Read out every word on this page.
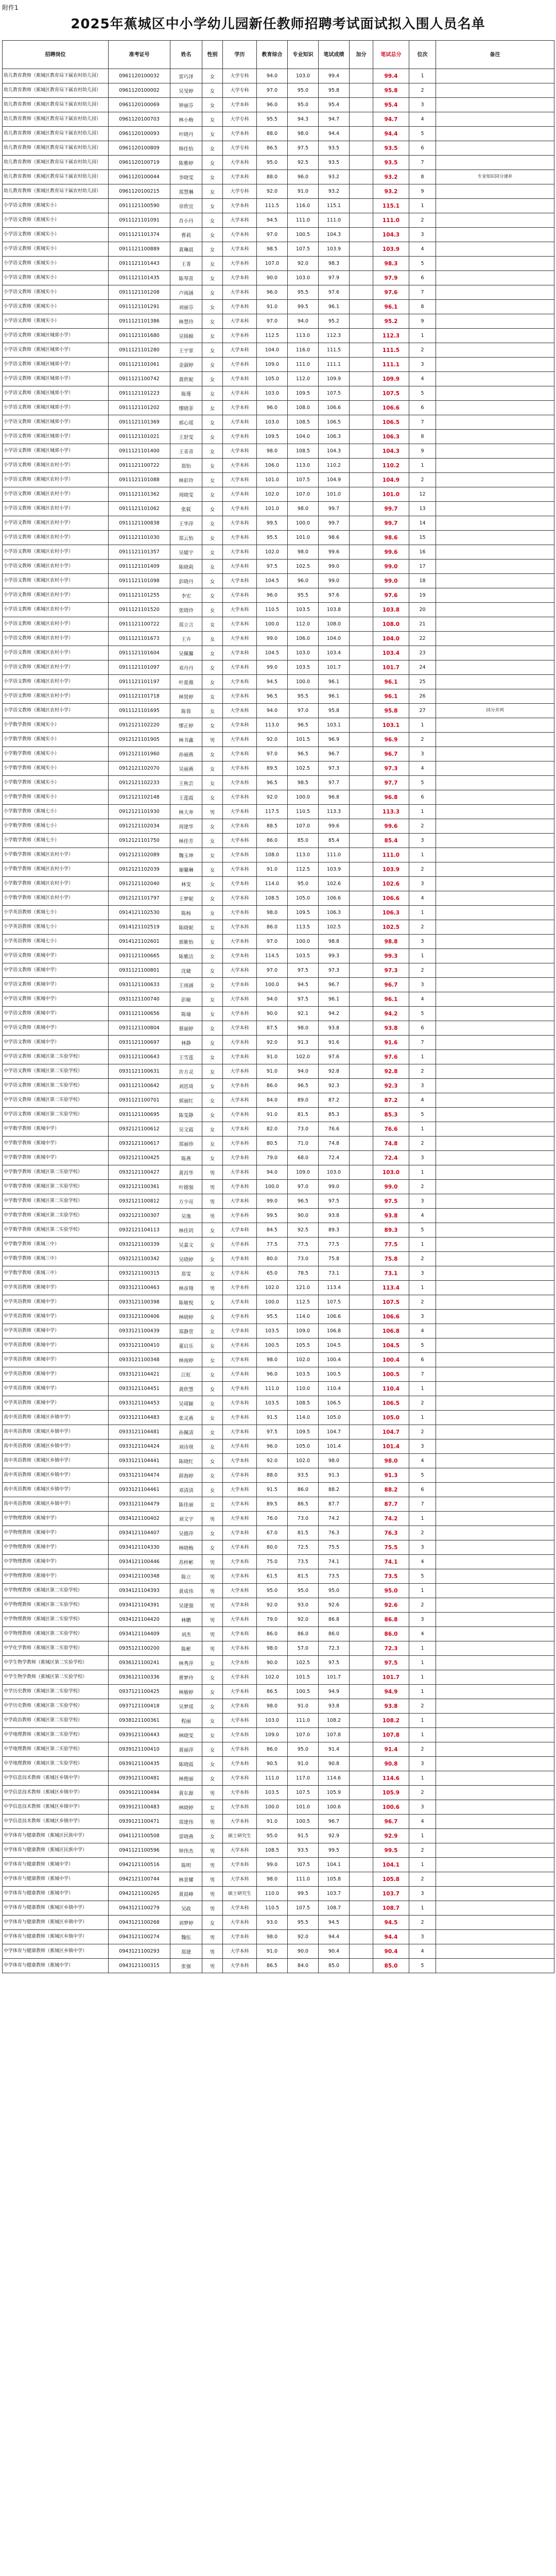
附件1
2025年蕉城区中小学幼儿园新任教师招聘考试面试拟入围人员名单
招聘岗位	准考证号	姓名	性别	学历	教育综合	专业知识	笔试成绩	加分	笔试总分	位次	备注
幼儿教育教师（蕉城区教育局下属农村幼儿园）	0961120100032	雷巧泽	女	大学专科	94.0	103.0	99.4		99.4	1	
幼儿教育教师（蕉城区教育局下属农村幼儿园）	0961120100002	吴旻婷	女	大学专科	97.0	95.0	95.8		95.8	2	
幼儿教育教师（蕉城区教育局下属农村幼儿园）	0961120100069	钟丽芬	女	大学本科	96.0	95.0	95.4		95.4	3	
幼儿教育教师（蕉城区教育局下属农村幼儿园）	0961120100703	林小梅	女	大学专科	95.5	94.3	94.7		94.7	4	
幼儿教育教师（蕉城区教育局下属农村幼儿园）	0961120100093	叶晓丹	女	大学本科	88.0	98.0	94.4		94.4	5	
幼儿教育教师（蕉城区教育局下属农村幼儿园）	0961120100809	韩佳怡	女	大学专科	86.5	97.5	93.5		93.5	6	
幼儿教育教师（蕉城区教育局下属农村幼儿园）	0961120100719	陈雅婷	女	大学本科	95.0	92.5	93.5		93.5	7	
幼儿教育教师（蕉城区教育局下属农村幼儿园）	0961120100044	李晓雯	女	大学本科	88.0	96.0	93.2		93.2	8	专业知识同分递补
幼儿教育教师（蕉城区教育局下属农村幼儿园）	0961120100215	郑慧琳	女	大学专科	92.0	91.0	93.2		93.2	9	
小学语文教师（蕉城实小）	0911121100590	章欣宜	女	大学本科	111.5	116.0	115.1		115.1	1	
小学语文教师（蕉城实小）	0911121101091	肖小丹	女	大学本科	94.5	111.0	111.0		111.0	2	
小学语文教师（蕉城实小）	0911121101374	曹莉	女	大学本科	97.0	100.5	104.3		104.3	3	
小学语文教师（蕉城实小）	0911121100889	黄琳晨	女	大学本科	98.5	107.5	103.9		103.9	4	
小学语文教师（蕉城实小）	0911121101443	王菁	女	大学本科	107.0	92.0	98.3		98.3	5	
小学语文教师（蕉城实小）	0911121101435	陈琴喜	女	大学本科	90.0	103.0	97.9		97.9	6	
小学语文教师（蕉城实小）	0911121101208	卢雨涵	女	大学本科	96.0	95.5	97.6		97.6	7	
小学语文教师（蕉城实小）	0911121101291	刘丽芬	女	大学本科	91.0	99.5	96.1		96.1	8	
小学语文教师（蕉城实小）	0911121101386	林慧玲	女	大学本科	97.0	94.0	95.2		95.2	9	
小学语文教师（蕉城区城郊小学）	0911121101680	吴锦棉	女	大学本科	112.5	113.0	112.3		112.3	1	
小学语文教师（蕉城区城郊小学）	0911121101280	王宇霏	女	大学本科	104.0	116.0	111.5		111.5	2	
小学语文教师（蕉城区城郊小学）	0911121101061	金淑婷	女	大学本科	109.0	111.0	111.1		111.1	3	
小学语文教师（蕉城区城郊小学）	0911121100742	黄欣妮	女	大学本科	105.0	112.0	109.9		109.9	4	
小学语文教师（蕉城区城郊小学）	0911121101223	陈瑾	女	大学本科	103.0	109.5	107.5		107.5	5	
小学语文教师（蕉城区城郊小学）	0911121101202	缪晓菲	女	大学本科	96.0	108.0	106.6		106.6	6	
小学语文教师（蕉城区城郊小学）	0911121101369	郭心瑶	女	大学本科	103.0	108.5	106.5		106.5	7	
小学语文教师（蕉城区城郊小学）	0911121101021	王舒雯	女	大学本科	109.5	104.0	106.3		106.3	8	
小学语文教师（蕉城区城郊小学）	0911121101400	王青青	女	大学本科	98.0	108.5	104.3		104.3	9	
小学语文教师（蕉城区农村小学）	0911121100722	郑怡	女	大学本科	106.0	113.0	110.2		110.2	1	
小学语文教师（蕉城区农村小学）	0911121101088	林彩玲	女	大学本科	101.0	107.5	104.9		104.9	2	
小学语文教师（蕉城区农村小学）	0911121101362	周晓雯	女	大学本科	102.0	107.0	101.0		101.0	12	
小学语文教师（蕉城区农村小学）	0911121101062	张筱	女	大学本科	101.0	98.0	99.7		99.7	13	
小学语文教师（蕉城区农村小学）	0911121100838	王华萍	女	大学本科	99.5	100.0	99.7		99.7	14	
小学语文教师（蕉城区农村小学）	0911121101030	郑云怡	女	大学本科	95.5	101.0	98.6		98.6	15	
小学语文教师（蕉城区农村小学）	0911121101357	吴媛宇	女	大学本科	102.0	98.0	99.6		99.6	16	
小学语文教师（蕉城区农村小学）	0911121101409	陈晓莉	女	大学本科	97.5	102.5	99.0		99.0	17	
小学语文教师（蕉城区农村小学）	0911121101098	彭晓丹	女	大学本科	104.5	96.0	99.0		99.0	18	
小学语文教师（蕉城区农村小学）	0911121101255	李宏	女	大学本科	96.0	95.5	97.6		97.6	19	
小学语文教师（蕉城区农村小学）	0911121101520	张晓玲	女	大学本科	110.5	103.5	103.8		103.8	20	
小学语文教师（蕉城区农村小学）	0911121100722	郑立言	女	大学本科	100.0	112.0	108.0		108.0	21	
小学语文教师（蕉城区农村小学）	0911121101673	王卉	女	大学本科	99.0	106.0	104.0		104.0	22	
小学语文教师（蕉城区农村小学）	0911121101604	吴佩馨	女	大学本科	104.5	103.0	103.4		103.4	23	
小学语文教师（蕉城区农村小学）	0911121101097	邓丹丹	女	大学本科	99.0	103.5	101.7		101.7	24	
小学语文教师（蕉城区农村小学）	0911121101197	叶夏薇	女	大学本科	94.5	100.0	96.1		96.1	25	
小学语文教师（蕉城区农村小学）	0911121101718	林贤婷	女	大学本科	96.5	95.5	96.1		96.1	26	
小学语文教师（蕉城区农村小学）	0911121101695	陈蓉	女	大学本科	94.0	97.0	95.8		95.8	27	同分并列
小学数学教师（蕉城实小）	0912121102220	缪正婷	女	大学本科	113.0	96.5	103.1		103.1	1	
小学数学教师（蕉城实小）	0912121101905	林书鑫	男	大学本科	92.0	101.5	96.9		96.9	2	
小学数学教师（蕉城实小）	0912121101960	孙丽燕	女	大学本科	97.0	96.5	96.7		96.7	3	
小学数学教师（蕉城实小）	0912121102070	吴丽燕	女	大学本科	89.5	102.5	97.3		97.3	4	
小学数学教师（蕉城实小）	0912121102233	王秋芸	女	大学本科	96.5	98.5	97.7		97.7	5	
小学数学教师（蕉城实小）	0912121102148	王莲霞	女	大学本科	92.0	100.0	96.8		96.8	6	
小学数学教师（蕉城七小）	0912121101930	林大奔	男	大学本科	117.5	110.5	113.3		113.3	1	
小学数学教师（蕉城七小）	0912121102034	周建华	女	大学本科	88.5	107.0	99.6		99.6	2	
小学数学教师（蕉城七小）	0912121101750	林佳芳	女	大学本科	86.0	85.0	85.4		85.4	3	
小学数学教师（蕉城区农村小学）	0912121102089	魏玉坤	女	大学本科	108.0	113.0	111.0		111.0	1	
小学数学教师（蕉城区农村小学）	0912121102039	谢馨琳	女	大学本科	91.0	112.5	103.9		103.9	2	
小学数学教师（蕉城区农村小学）	0912121102040	林雯	女	大学本科	114.0	95.0	102.6		102.6	3	
小学数学教师（蕉城区农村小学）	0912121101797	王梦妮	女	大学本科	108.5	105.0	106.6		106.6	4	
小学英语教师（蕉城七小）	0914121102530	陈杨	女	大学本科	98.0	109.5	106.3		106.3	1	
小学英语教师（蕉城七小）	0914121102519	陈晓妮	女	大学本科	86.0	113.5	102.5		102.5	2	
小学英语教师（蕉城七小）	0914121102601	郭紫怡	女	大学本科	97.0	100.0	98.8		98.8	3	
中学语文教师（蕉城中学）	0931121100665	陈雅洁	女	大学本科	114.5	103.5	99.3		99.3	1	
中学语文教师（蕉城中学）	0931121100801	沈婕	女	大学本科	97.0	97.5	97.3		97.3	2	
中学语文教师（蕉城中学）	0931121100633	王雨涵	女	大学本科	100.0	94.5	96.7		96.7	3	
中学语文教师（蕉城中学）	0931121100740	彭敏	女	大学本科	94.0	97.5	96.1		96.1	4	
中学语文教师（蕉城中学）	0931121100656	陈瑜	女	大学本科	90.0	92.1	94.2		94.2	5	
中学语文教师（蕉城中学）	0931121100804	蔡丽婷	女	大学本科	87.5	98.0	93.8		93.8	6	
中学语文教师（蕉城中学）	0931121100697	林静	女	大学本科	92.0	91.3	91.6		91.6	7	
中学语文教师（蕉城区第二实验学校）	0931121100643	王雪莲	女	大学本科	91.0	102.0	97.6		97.6	1	
中学语文教师（蕉城区第二实验学校）	0931121100631	许方灵	女	大学本科	91.0	94.0	92.8		92.8	2	
中学语文教师（蕉城区第二实验学校）	0931121100642	刘思琦	女	大学本科	86.0	96.5	92.3		92.3	3	
中学语文教师（蕉城区第二实验学校）	0931121100701	郭丽红	女	大学本科	84.0	89.0	87.2		87.2	4	
中学语文教师（蕉城区第二实验学校）	0931121100695	陈雯静	女	大学本科	91.0	81.5	85.3		85.3	5	
中学数学教师（蕉城中学）	0932121100612	吴文霞	女	大学本科	82.0	73.0	76.6		76.6	1	
中学数学教师（蕉城中学）	0932121100617	郑丽珍	女	大学本科	80.5	71.0	74.8		74.8	2	
中学数学教师（蕉城中学）	0932121100425	陈燕	女	大学本科	79.0	68.0	72.4		72.4	3	
中学数学教师（蕉城区第二实验学校）	0932121100427	黄昌华	男	大学本科	94.0	109.0	103.0		103.0	1	
中学数学教师（蕉城区第二实验学校）	0932121100361	叶德强	男	大学本科	100.0	97.0	99.0		99.0	2	
中学数学教师（蕉城区第二实验学校）	0932121100812	方少亮	男	大学本科	99.0	96.5	97.5		97.5	3	
中学数学教师（蕉城区第二实验学校）	0932121100307	吴逸	男	大学本科	99.5	90.0	93.8		93.8	4	
中学数学教师（蕉城区第二实验学校）	0932121104113	林佳玥	女	大学本科	84.5	92.5	89.3		89.3	5	
中学数学教师（蕉城三中）	0932121100339	吴嘉文	女	大学本科	77.5	77.5	77.5		77.5	1	
中学数学教师（蕉城三中）	0932121100342	吴晓婷	女	大学本科	80.0	73.0	75.8		75.8	2	
中学数学教师（蕉城三中）	0932121100315	郑雯	女	大学本科	65.0	78.5	73.1		73.1	3	
中学英语教师（蕉城中学）	0933121100463	林彦翔	男	大学本科	102.0	121.0	113.4		113.4	1	
中学英语教师（蕉城中学）	0933121100398	陈敏悦	女	大学本科	100.0	112.5	107.5		107.5	2	
中学英语教师（蕉城中学）	0933121100406	林晓婷	女	大学本科	95.5	114.0	106.6		106.6	3	
中学英语教师（蕉城中学）	0933121100439	郑静萱	女	大学本科	103.5	109.0	106.8		106.8	4	
中学英语教师（蕉城中学）	0933121100410	董启乐	女	大学本科	100.5	105.5	104.5		104.5	5	
中学英语教师（蕉城中学）	0933121100348	林雨婷	女	大学本科	98.0	102.0	100.4		100.4	6	
中学英语教师（蕉城中学）	0933121104421	江虹	女	大学本科	96.0	103.5	100.5		100.5	7	
中学英语教师（蕉城中学）	0933121104451	黄欣慧	女	大学本科	111.0	110.0	110.4		110.4	1	
中学英语教师（蕉城中学）	0933121104453	吴靖颖	女	大学本科	103.5	108.5	106.5		106.5	2	
高中英语教师（蕉城区乡镇中学）	0933121104483	张灵燕	女	大学本科	91.5	114.0	105.0		105.0	1	
高中英语教师（蕉城区乡镇中学）	0933121104481	孙佩清	女	大学本科	97.5	109.5	104.7		104.7	2	
高中英语教师（蕉城区乡镇中学）	0933121104424	刘诗琪	女	大学本科	96.0	105.0	101.4		101.4	3	
高中英语教师（蕉城区乡镇中学）	0933121104441	陈晓红	女	大学本科	92.0	102.0	98.0		98.0	4	
高中英语教师（蕉城区乡镇中学）	0933121104474	薛海婷	女	大学本科	88.0	93.5	91.3		91.3	5	
高中英语教师（蕉城区乡镇中学）	0933121104461	邓清清	女	大学本科	91.5	86.0	88.2		88.2	6	
高中英语教师（蕉城区乡镇中学）	0933121104479	陈佳丽	女	大学本科	89.5	86.5	87.7		87.7	7	
中学物理教师（蕉城中学）	0934121100402	刘文宇	男	大学本科	76.0	73.0	74.2		74.2	1	
中学物理教师（蕉城中学）	0934121104407	吴德萍	女	大学本科	67.0	81.5	76.3		76.3	2	
中学物理教师（蕉城中学）	0934121104330	林晓梅	女	大学本科	80.0	72.5	75.5		75.5	3	
中学物理教师（蕉城中学）	0934121100446	苏梓彬	男	大学本科	75.0	73.5	74.1		74.1	4	
中学物理教师（蕉城中学）	0934121100348	陈立	男	大学本科	61.5	81.5	73.5		73.5	5	
中学物理教师（蕉城区第二实验学校）	0934121104393	黄成伟	男	大学本科	95.0	95.0	95.0		95.0	1	
中学物理教师（蕉城区第二实验学校）	0934121104391	吴建强	男	大学本科	92.0	93.0	92.6		92.6	2	
中学物理教师（蕉城区第二实验学校）	0934121104420	林鹏	男	大学本科	79.0	92.0	86.8		86.8	3	
中学物理教师（蕉城区第二实验学校）	0934121104409	刘杰	男	大学本科	86.0	86.0	86.0		86.0	4	
中学化学教师（蕉城区第二实验学校）	0935121100200	陈彬	男	大学本科	98.0	57.0	72.3		72.3	1	
中学生物学教师（蕉城区第二实验学校）	0936121100241	林秀萍	女	大学本科	90.0	102.5	97.5		97.5	1	
中学生物学教师（蕉城区第二实验学校）	0936121100336	曹梦玲	女	大学本科	102.0	101.5	101.7		101.7	1	
中学历史教师（蕉城区第二实验学校）	0937121100425	林敏婷	女	大学本科	86.5	100.5	94.9		94.9	1	
中学历史教师（蕉城区第二实验学校）	0937121100418	吴梦瑶	女	大学本科	98.0	91.0	93.8		93.8	2	
中学政治教师（蕉城区第二实验学校）	0938121100361	程丽	女	大学本科	103.0	111.0	108.2		108.2	1	
中学地理教师（蕉城区第二实验学校）	0939121100443	林晓雯	女	大学本科	109.0	107.0	107.8		107.8	1	
中学地理教师（蕉城区第二实验学校）	0939121100410	黄丽萍	女	大学本科	86.0	95.0	91.4		91.4	2	
中学地理教师（蕉城区第二实验学校）	0939121100435	陈晓霞	女	大学本科	90.5	91.0	90.8		90.8	3	
中学信息技术教师（蕉城区乡镇中学）	0939121100481	林俊丽	女	大学本科	111.0	117.0	114.6		114.6	1	
中学信息技术教师（蕉城区乡镇中学）	0939121100494	黄东源	男	大学本科	103.5	107.5	105.9		105.9	2	
中学信息技术教师（蕉城区乡镇中学）	0939121100483	林晓婷	女	大学本科	100.0	101.0	100.6		100.6	3	
中学信息技术教师（蕉城区乡镇中学）	0939121100471	郑建伟	男	大学本科	91.0	100.5	96.7		96.7	4	
中学体育与健康教师（蕉城区民族中学）	0941121100508	雷晓燕	女	硕士研究生	95.0	91.5	92.9		92.9	1	
中学体育与健康教师（蕉城区民族中学）	0941121100596	钟伟杰	男	大学本科	108.5	93.5	99.5		99.5	2	
中学体育与健康教师（蕉城中学）	0942121100516	陈明	男	大学本科	99.0	107.5	104.1		104.1	1	
中学体育与健康教师（蕉城中学）	0942121100744	林景耀	男	大学本科	98.0	111.0	105.8		105.8	2	
中学体育与健康教师（蕉城中学）	0942121100265	黄晨峰	男	硕士研究生	110.0	99.5	103.7		103.7	3	
中学体育与健康教师（蕉城区乡镇中学）	0943121100279	吴政	男	大学本科	110.5	107.5	108.7		108.7	1	
中学体育与健康教师（蕉城区乡镇中学）	0943121100268	刘梦婷	女	大学本科	93.0	95.5	94.5		94.5	2	
中学体育与健康教师（蕉城区乡镇中学）	0943121100274	魏伍	男	大学本科	98.0	92.0	94.4		94.4	3	
中学体育与健康教师（蕉城区乡镇中学）	0943121100293	郑建	男	大学本科	91.0	90.0	90.4		90.4	4	
中学体育与健康教师（蕉城中学）	0943121100315	张强	男	大学本科	86.5	84.0	85.0		85.0	5	
